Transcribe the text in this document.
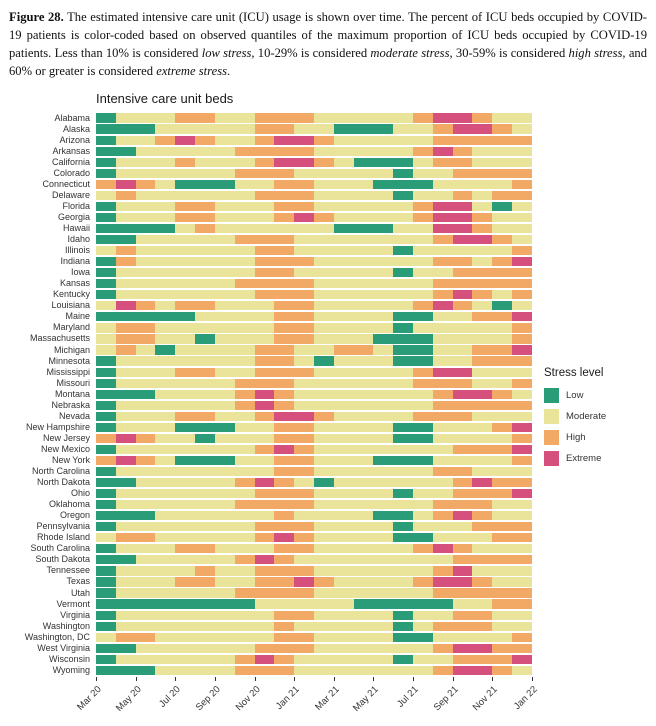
Figure 28. The estimated intensive care unit (ICU) usage is shown over time. The percent of ICU beds occupied by COVID-19 patients is color-coded based on observed quantiles of the maximum proportion of ICU beds occupied by COVID-19 patients. Less than 10% is considered low stress, 10-29% is considered moderate stress, 30-59% is considered high stress, and 60% or greater is considered extreme stress.
Intensive care unit beds
Alabama
Alaska
Arizona
Arkansas
California
Colorado
Connecticut
Delaware
Florida
Georgia
Hawaii
Idaho
Illinois
Indiana
Iowa
Kansas
Kentucky
Louisiana
Maine
Maryland
Massachusetts
Michigan
Minnesota
Mississippi
Missouri
Montana
Nebraska
Nevada
New Hampshire
New Jersey
New Mexico
New York
North Carolina
North Dakota
Ohio
Oklahoma
Oregon
Pennsylvania
Rhode Island
South Carolina
South Dakota
Tennessee
Texas
Utah
Vermont
Virginia
Washington
Washington, DC
West Virginia
Wisconsin
Wyoming
Mar 20 May 20 Jul 20 Sep 20 Nov 20 Jan 21 Mar 21 May 21 Jul 21 Sep 21 Nov 21 Jan 22
Stress level
Low
Moderate
High
Extreme
